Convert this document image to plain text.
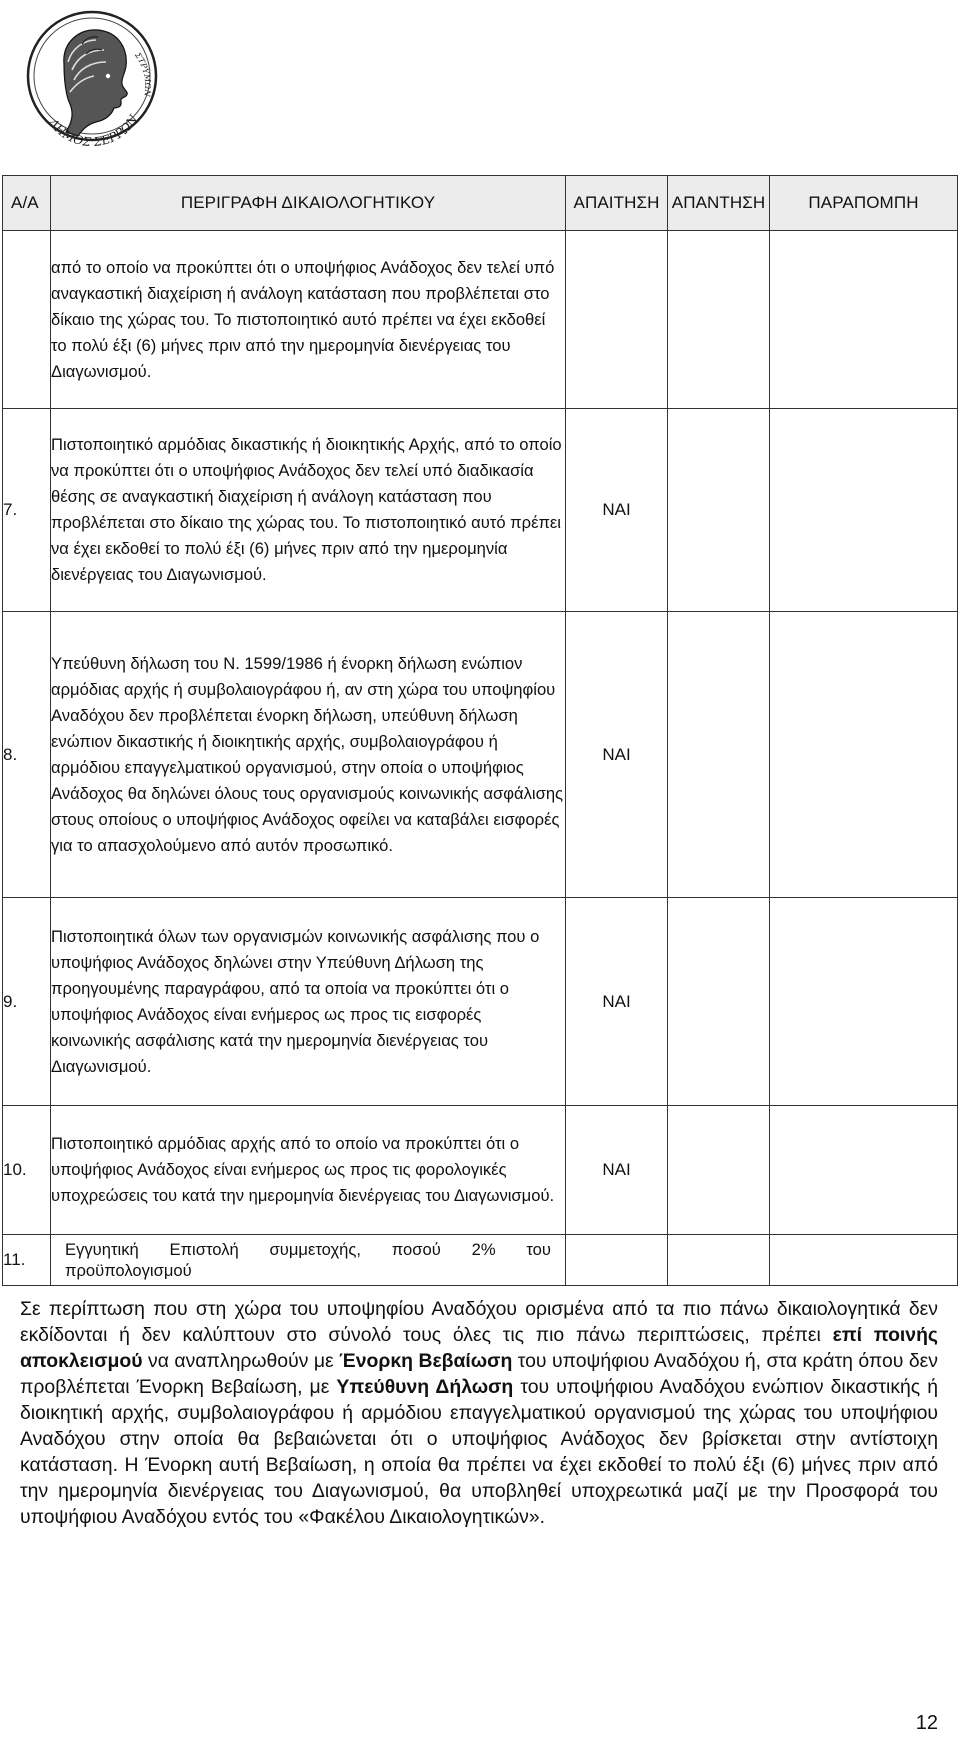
ΔΗΜΟΣ ΣΕΡΡΩΝ
ΣΤΡΥΜΩΝ
Α/Α	ΠΕΡΙΓΡΑΦΗ ΔΙΚΑΙΟΛΟΓΗΤΙΚΟΥ	ΑΠΑΙΤΗΣΗ	ΑΠΑΝΤΗΣΗ	ΠΑΡΑΠΟΜΠΗ
	από το οποίο να προκύπτει ότι ο υποψήφιος Ανάδοχος δεν τελεί υπό αναγκαστική διαχείριση ή ανάλογη κατάσταση που προβλέπεται στο δίκαιο της χώρας του. Το πιστοποιητικό αυτό πρέπει να έχει εκδοθεί το πολύ έξι (6) μήνες πριν από την ημερομηνία διενέργειας του Διαγωνισμού.			
7.	Πιστοποιητικό αρμόδιας δικαστικής ή διοικητικής Αρχής, από το οποίο να προκύπτει ότι ο υποψήφιος Ανάδοχος δεν τελεί υπό διαδικασία θέσης σε αναγκαστική διαχείριση ή ανάλογη κατάσταση που προβλέπεται στο δίκαιο της χώρας του. Το πιστοποιητικό αυτό πρέπει να έχει εκδοθεί το πολύ έξι (6) μήνες πριν από την ημερομηνία διενέργειας του Διαγωνισμού.	ΝΑΙ		
8.	Υπεύθυνη δήλωση του Ν. 1599/1986 ή ένορκη δήλωση ενώπιον αρμόδιας αρχής ή συμβολαιογράφου ή, αν στη χώρα του υποψηφίου Αναδόχου δεν προβλέπεται ένορκη δήλωση, υπεύθυνη δήλωση ενώπιον δικαστικής ή διοικητικής αρχής, συμβολαιογράφου ή αρμόδιου επαγγελματικού οργανισμού, στην οποία ο υποψήφιος Ανάδοχος θα δηλώνει όλους τους οργανισμούς κοινωνικής ασφάλισης στους οποίους ο υποψήφιος Ανάδοχος οφείλει να καταβάλει εισφορές για το απασχολούμενο από αυτόν προσωπικό.	ΝΑΙ		
9.	Πιστοποιητικά όλων των οργανισμών κοινωνικής ασφάλισης που ο υποψήφιος Ανάδοχος δηλώνει στην Υπεύθυνη Δήλωση της προηγουμένης παραγράφου, από τα οποία να προκύπτει ότι ο υποψήφιος Ανάδοχος είναι ενήμερος ως προς τις εισφορές κοινωνικής ασφάλισης κατά την ημερομηνία διενέργειας του Διαγωνισμού.	ΝΑΙ		
10.	Πιστοποιητικό αρμόδιας αρχής από το οποίο να προκύπτει ότι ο υποψήφιος Ανάδοχος είναι ενήμερος ως προς τις φορολογικές υποχρεώσεις του κατά την ημερομηνία διενέργειας του Διαγωνισμού.	ΝΑΙ		
11.	Εγγυητική Επιστολή συμμετοχής, ποσού 2% του προϋπολογισμού			

Σε περίπτωση που στη χώρα του υποψηφίου Αναδόχου ορισμένα από τα πιο πάνω δικαιολογητικά δεν εκδίδονται ή δεν καλύπτουν στο σύνολό τους όλες τις πιο πάνω περιπτώσεις, πρέπει επί ποινής αποκλεισμού να αναπληρωθούν με Ένορκη Βεβαίωση του υποψήφιου Αναδόχου ή, στα κράτη όπου δεν προβλέπεται Ένορκη Βεβαίωση, με Υπεύθυνη Δήλωση του υποψήφιου Αναδόχου ενώπιον δικαστικής ή διοικητική αρχής, συμβολαιογράφου ή αρμόδιου επαγγελματικού οργανισμού της χώρας του υποψήφιου Αναδόχου στην οποία θα βεβαιώνεται ότι ο υποψήφιος Ανάδοχος δεν βρίσκεται στην αντίστοιχη κατάσταση. Η Ένορκη αυτή Βεβαίωση, η οποία θα πρέπει να έχει εκδοθεί το πολύ έξι (6) μήνες πριν από την ημερομηνία διενέργειας του Διαγωνισμού, θα υποβληθεί υποχρεωτικά μαζί με την Προσφορά του υποψήφιου Αναδόχου εντός του «Φακέλου Δικαιολογητικών».

12
